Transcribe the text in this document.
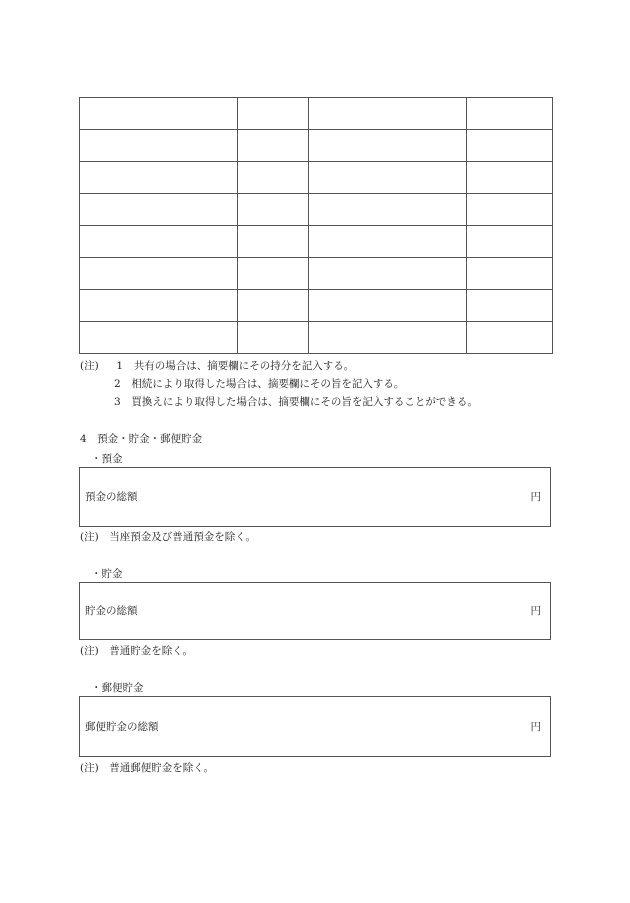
(注) 1 共有の場合は、摘要欄にその持分を記入する。
2 相続により取得した場合は、摘要欄にその旨を記入する。
3 買換えにより取得した場合は、摘要欄にその旨を記入することができる。
4　預金・貯金・郵便貯金
・預金
預金の総額	円
(注)　当座預金及び普通預金を除く。
・貯金
貯金の総額	円
(注)　普通貯金を除く。
・郵便貯金
郵便貯金の総額	円
(注)　普通郵便貯金を除く。
